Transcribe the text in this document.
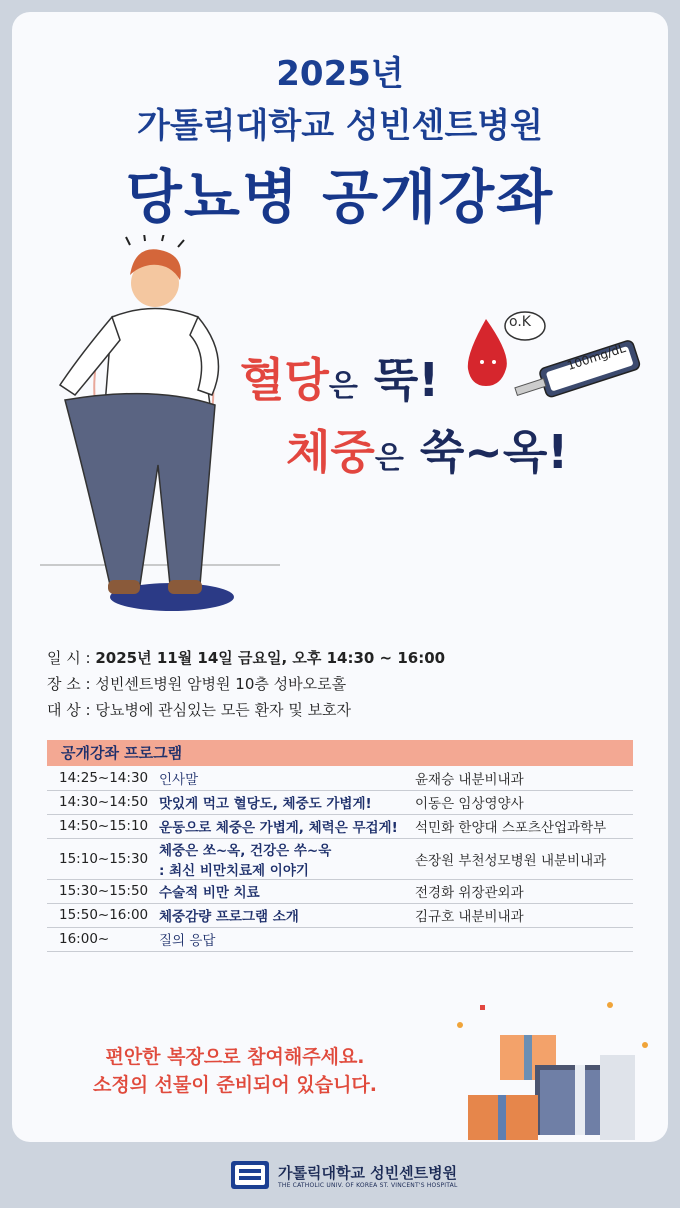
2025년
가톨릭대학교 성빈센트병원
당뇨병 공개강좌
혈당은 뚝!
체중은 쑥~옥!
o.K
100mg/dL
일 시 : 2025년 11월 14일 금요일, 오후 14:30 ~ 16:00
장 소 : 성빈센트병원 암병원 10층 성바오로홀
대 상 : 당뇨병에 관심있는 모든 환자 및 보호자
공개강좌 프로그램
14:25~14:30	인사말	윤재승 내분비내과
14:30~14:50	맛있게 먹고 혈당도, 체중도 가볍게!	이동은 임상영양사
14:50~15:10	운동으로 체중은 가볍게, 체력은 무겁게!	석민화 한양대 스포츠산업과학부
15:10~15:30	체중은 쏘~옥, 건강은 쑤~욱
: 최신 비만치료제 이야기	손장원 부천성모병원 내분비내과
15:30~15:50	수술적 비만 치료	전경화 위장관외과
15:50~16:00	체중감량 프로그램 소개	김규호 내분비내과
16:00~	질의 응답	

편안한 복장으로 참여해주세요.
소정의 선물이 준비되어 있습니다.
가톨릭대학교 성빈센트병원
THE CATHOLIC UNIV. OF KOREA ST. VINCENT'S HOSPITAL
